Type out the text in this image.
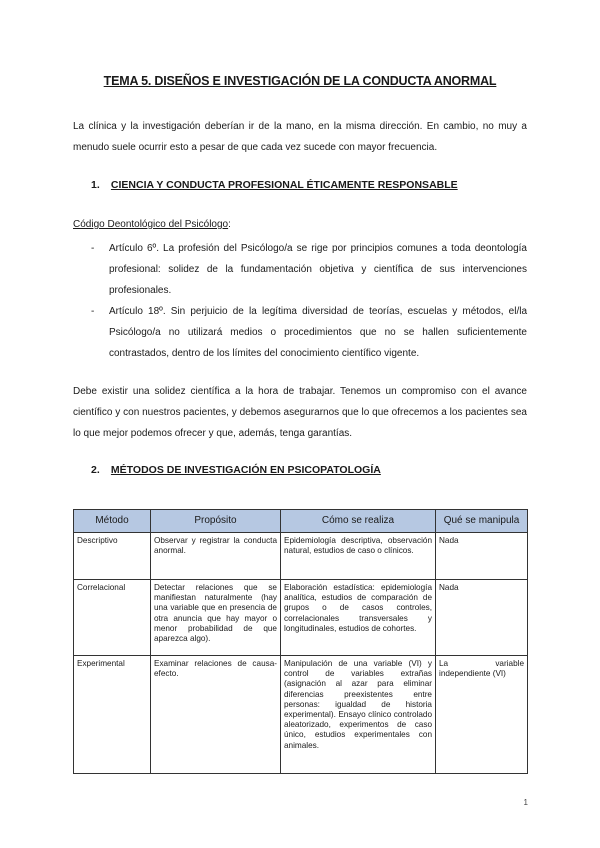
TEMA 5. DISEÑOS E INVESTIGACIÓN DE LA CONDUCTA ANORMAL
La clínica y la investigación deberían ir de la mano, en la misma dirección. En cambio, no muy a menudo suele ocurrir esto a pesar de que cada vez sucede con mayor frecuencia.
1. CIENCIA Y CONDUCTA PROFESIONAL ÉTICAMENTE RESPONSABLE
Código Deontológico del Psicólogo:
- Artículo 6º. La profesión del Psicólogo/a se rige por principios comunes a toda deontología profesional: solidez de la fundamentación objetiva y científica de sus intervenciones profesionales.
- Artículo 18º. Sin perjuicio de la legítima diversidad de teorías, escuelas y métodos, el/la Psicólogo/a no utilizará medios o procedimientos que no se hallen suficientemente contrastados, dentro de los límites del conocimiento científico vigente.
Debe existir una solidez científica a la hora de trabajar. Tenemos un compromiso con el avance científico y con nuestros pacientes, y debemos asegurarnos que lo que ofrecemos a los pacientes sea lo que mejor podemos ofrecer y que, además, tenga garantías.
2. MÉTODOS DE INVESTIGACIÓN EN PSICOPATOLOGÍA
Método	Propósito	Cómo se realiza	Qué se manipula
Descriptivo	Observar y registrar la conducta anormal.	Epidemiología descriptiva, observación natural, estudios de caso o clínicos.	Nada
Correlacional	Detectar relaciones que se manifiestan naturalmente (hay una variable que en presencia de otra anuncia que hay mayor o menor probabilidad de que aparezca algo).	Elaboración estadística: epidemiología analítica, estudios de comparación de grupos o de casos controles, correlacionales transversales y longitudinales, estudios de cohortes.	Nada
Experimental	Examinar relaciones de causa-efecto.	Manipulación de una variable (VI) y control de variables extrañas (asignación al azar para eliminar diferencias preexistentes entre personas: igualdad de historia experimental). Ensayo clínico controlado aleatorizado, experimentos de caso único, estudios experimentales con animales.	La variable independiente (VI)
1
